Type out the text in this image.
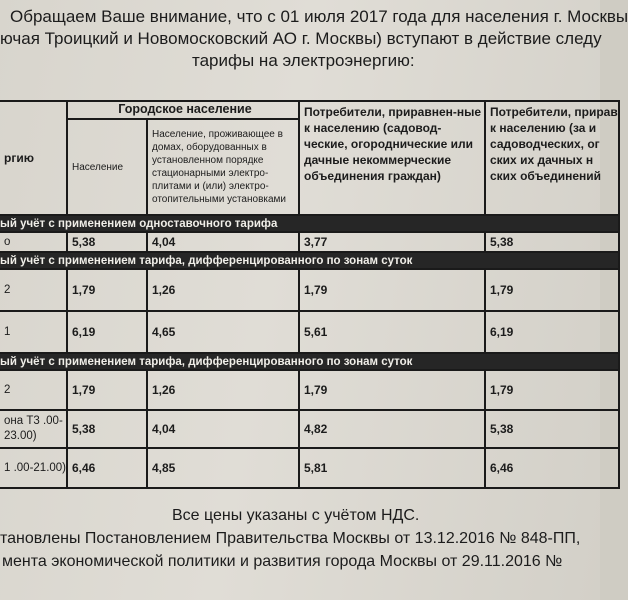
Обращаем Ваше внимание, что с 01 июля 2017 года для населения г. Москвы
ючая Троицкий и Новомосковский АО г. Москвы) вступают в действие следу
тарифы на электроэнергию:
ргию	Городское население		Потребители, приравнен-ные к населению (садовод-ческие, огороднические или дачные некоммерческие объединения граждан)	Потребители, прирав к населению (за и садоводческих, ог ских их дачных н ских объединений
	Население	Население, проживающее в домах, оборудованных в установленном порядке стационарными электро-плитами и (или) электро-отопительными установками		
ый учёт с применением одноставочного тарифа				
о	5,38	4,04	3,77	5,38
ый учёт с применением тарифа, дифференцированного по зонам суток				
2	1,79	1,26	1,79	1,79
1	6,19	4,65	5,61	6,19
ый учёт с применением тарифа, дифференцированного по зонам суток				
2	1,79	1,26	1,79	1,79
она Т3 .00-23.00)	5,38	4,04	4,82	5,38
1 .00-21.00)	6,46	4,85	5,81	6,46
Все цены указаны с учётом НДС.
тановлены Постановлением Правительства Москвы от 13.12.2016 № 848-ПП,
мента экономической политики и развития города Москвы от 29.11.2016 №
